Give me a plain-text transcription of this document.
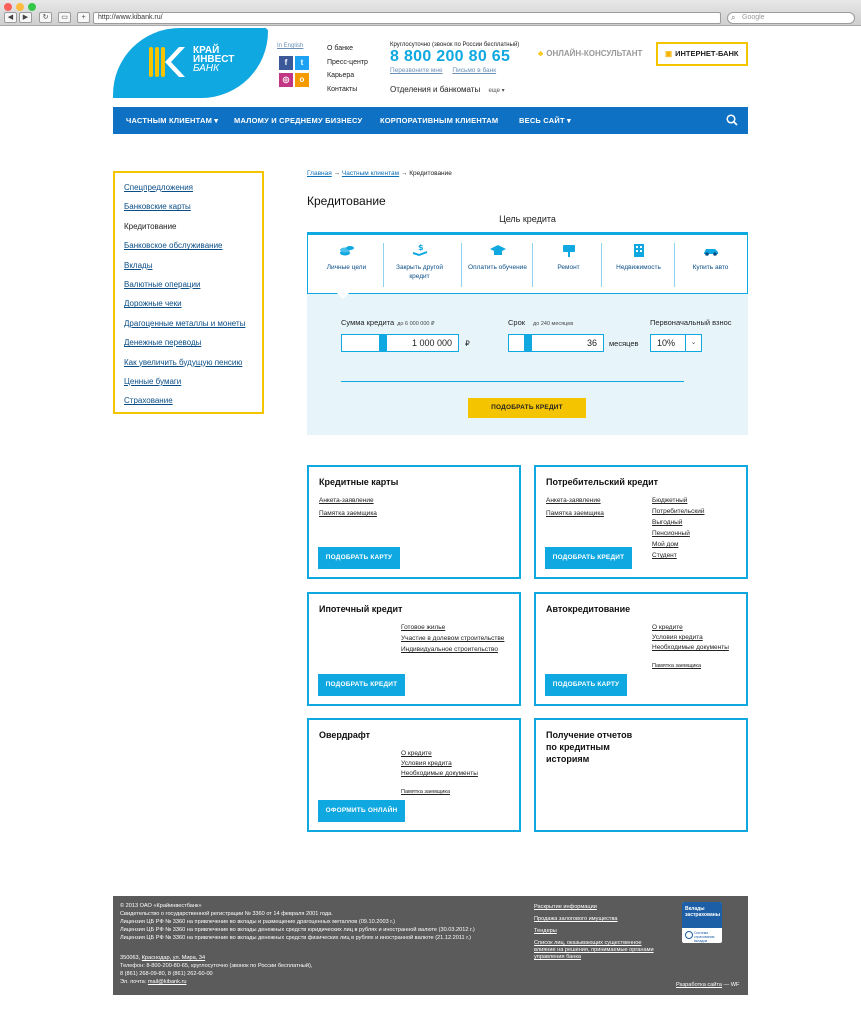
◀	▶	↻	▭	+	http://www.kibank.ru/	⌕ Google
КРАЙ
ИНВЕСТ
БАНК
In English
f	t
◎	o
О банке
Пресс-центр
Карьера
Контакты
Круглосуточно (звонок по России бесплатный)
8 800 200 80 65
Перезвоните мне Письмо в банк
Отделения и банкоматы еще ▾
♣ ОНЛАЙН-КОНСУЛЬТАНТ	▣ ИНТЕРНЕТ-БАНК
ЧАСТНЫМ КЛИЕНТАМ ▾ МАЛОМУ И СРЕДНЕМУ БИЗНЕСУ КОРПОРАТИВНЫМ КЛИЕНТАМ	ВЕСЬ САЙТ ▾
Спецпредложения
Банковские карты
Кредитование
Банковское обслуживание
Вклады
Валютные операции
Дорожные чеки
Драгоценные металлы и монеты
Денежные переводы
Как увеличить будущую пенсию
Ценные бумаги
Страхование
Главная → Частным клиентам → Кредитование
Кредитование
Цель кредита
Личные цели
$
Закрыть другой кредит
Оплатить обучение	Ремонт	Недвижимость	Купить авто
Сумма кредита до 6 000 000 ₽
1 000 000	₽
Срок до 240 месяцев
36	месяцев
Первоначальный взнос
10%	⌄
ПОДОБРАТЬ КРЕДИТ
Кредитные карты
Анкета-заявление
Памятка заемщика
ПОДОБРАТЬ КАРТУ
Потребительский кредит
Анкета-заявление
Памятка заемщика
Бюджетный
Потребительский
Выгодный
Пенсионный
Мой дом
Студент
ПОДОБРАТЬ КРЕДИТ
Ипотечный кредит
Готовое жилье
Участие в долевом строительстве
Индивидуальное строительство
ПОДОБРАТЬ КРЕДИТ
Автокредитование
О кредите
Условия кредита
Необходимые документы
Памятка заемщика
ПОДОБРАТЬ КАРТУ
Овердрафт
О кредите
Условия кредита
Необходимые документы
Памятка заемщика
ОФОРМИТЬ ОНЛАЙН
Получение отчетов
по кредитным
историям
© 2013 ОАО «Крайинвестбанк»
Свидетельство о государственной регистрации № 3360 от 14 февраля 2001 года.
Лицензия ЦБ РФ № 3360 на привлечение во вклады и размещение драгоценных металлов (09.10.2003 г.)
Лицензия ЦБ РФ № 3360 на привлечение во вклады денежных средств юридических лиц в рублях и иностранной валюте (30.03.2012 г.)
Лицензия ЦБ РФ № 3360 на привлечение во вклады денежных средств физических лиц в рублях и иностранной валюте (21.12.2011 г.)
350063, Краснодар, ул. Мира, 34
Телефон: 8-800-200-80-65, круглосуточно (звонок по России бесплатный),
8 (861) 268-09-80, 8 (861) 262-60-00
Эл. почта: mail@kibank.ru
Раскрытие информации
Продажа залогового имущества
Тендеры
Список лиц, оказывающих существенное
влияние на решения, принимаемые органами
управления банка
Вклады
застрахованы
Система
страхования
вкладов
Разработка сайта — WF
